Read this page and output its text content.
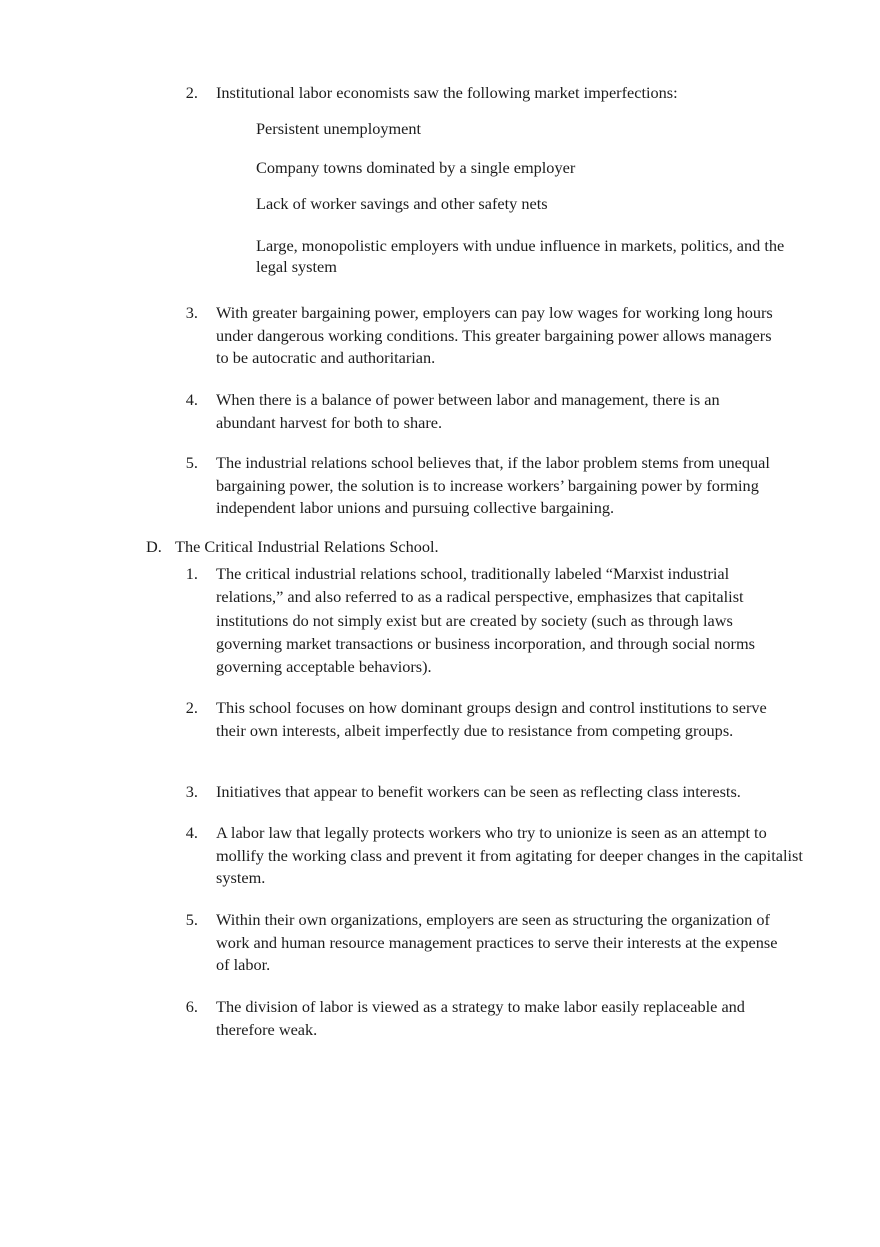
2. Institutional labor economists saw the following market imperfections:
Persistent unemployment
Company towns dominated by a single employer
Lack of worker savings and other safety nets
Large, monopolistic employers with undue influence in markets, politics, and the legal system
3. With greater bargaining power, employers can pay low wages for working long hours under dangerous working conditions. This greater bargaining power allows managers to be autocratic and authoritarian.
4. When there is a balance of power between labor and management, there is an abundant harvest for both to share.
5. The industrial relations school believes that, if the labor problem stems from unequal bargaining power, the solution is to increase workers’ bargaining power by forming independent labor unions and pursuing collective bargaining.
D. The Critical Industrial Relations School.
1. The critical industrial relations school, traditionally labeled “Marxist industrial relations,” and also referred to as a radical perspective, emphasizes that capitalist institutions do not simply exist but are created by society (such as through laws governing market transactions or business incorporation, and through social norms governing acceptable behaviors).
2. This school focuses on how dominant groups design and control institutions to serve their own interests, albeit imperfectly due to resistance from competing groups.
3. Initiatives that appear to benefit workers can be seen as reflecting class interests.
4. A labor law that legally protects workers who try to unionize is seen as an attempt to mollify the working class and prevent it from agitating for deeper changes in the capitalist system.
5. Within their own organizations, employers are seen as structuring the organization of work and human resource management practices to serve their interests at the expense of labor.
6. The division of labor is viewed as a strategy to make labor easily replaceable and therefore weak.
